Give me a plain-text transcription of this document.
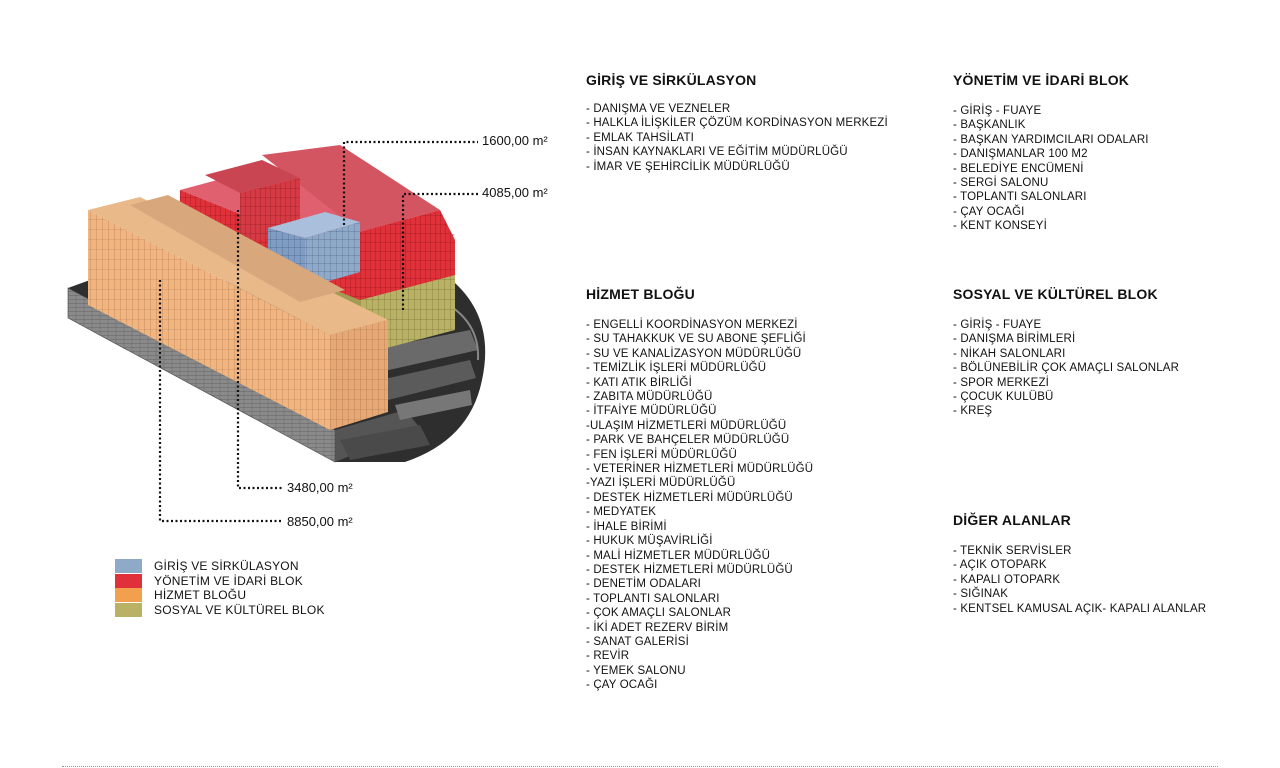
1600,00 m²
4085,00 m²
3480,00 m²
8850,00 m²
GİRİŞ VE SİRKÜLASYON
YÖNETİM VE İDARİ BLOK
HİZMET BLOĞU
SOSYAL VE KÜLTÜREL BLOK
GİRİŞ VE SİRKÜLASYON
- DANIŞMA VE VEZNELER
- HALKLA İLİŞKİLER ÇÖZÜM KORDİNASYON MERKEZİ
- EMLAK TAHSİLATI
- İNSAN KAYNAKLARI VE EĞİTİM MÜDÜRLÜĞÜ
- İMAR VE ŞEHİRCİLİK MÜDÜRLÜĞÜ
YÖNETİM VE İDARİ BLOK
- GİRİŞ - FUAYE
- BAŞKANLIK
- BAŞKAN YARDIMCILARI ODALARI
- DANIŞMANLAR 100 M2
- BELEDİYE ENCÜMENİ
- SERGİ SALONU
- TOPLANTI SALONLARI
- ÇAY OCAĞI
- KENT KONSEYİ
HİZMET BLOĞU
- ENGELLİ KOORDİNASYON MERKEZİ
- SU TAHAKKUK VE SU ABONE ŞEFLİĞİ
- SU VE KANALİZASYON MÜDÜRLÜĞÜ
- TEMİZLİK İŞLERİ MÜDÜRLÜĞÜ
- KATI ATIK BİRLİĞİ
- ZABITA MÜDÜRLÜĞÜ
- İTFAİYE MÜDÜRLÜĞÜ
-ULAŞIM HİZMETLERİ MÜDÜRLÜĞÜ
- PARK VE BAHÇELER MÜDÜRLÜĞÜ
- FEN İŞLERİ MÜDÜRLÜĞÜ
- VETERİNER HİZMETLERİ MÜDÜRLÜĞÜ
-YAZI İŞLERİ MÜDÜRLÜĞÜ
- DESTEK HİZMETLERİ MÜDÜRLÜĞÜ
- MEDYATEK
- İHALE BİRİMİ
- HUKUK MÜŞAVİRLİĞİ
- MALİ HİZMETLER MÜDÜRLÜĞÜ
- DESTEK HİZMETLERİ MÜDÜRLÜĞÜ
- DENETİM ODALARI
- TOPLANTI SALONLARI
- ÇOK AMAÇLI SALONLAR
- İKİ ADET REZERV BİRİM
- SANAT GALERİSİ
- REVİR
- YEMEK SALONU
- ÇAY OCAĞI
SOSYAL VE KÜLTÜREL BLOK
- GİRİŞ - FUAYE
- DANIŞMA BİRİMLERİ
- NİKAH SALONLARI
- BÖLÜNEBİLİR ÇOK AMAÇLI SALONLAR
- SPOR MERKEZİ
- ÇOCUK KULÜBÜ
- KREŞ
DİĞER ALANLAR
- TEKNİK SERVİSLER
- AÇIK OTOPARK
- KAPALI OTOPARK
- SIĞINAK
- KENTSEL KAMUSAL AÇIK- KAPALI ALANLAR
